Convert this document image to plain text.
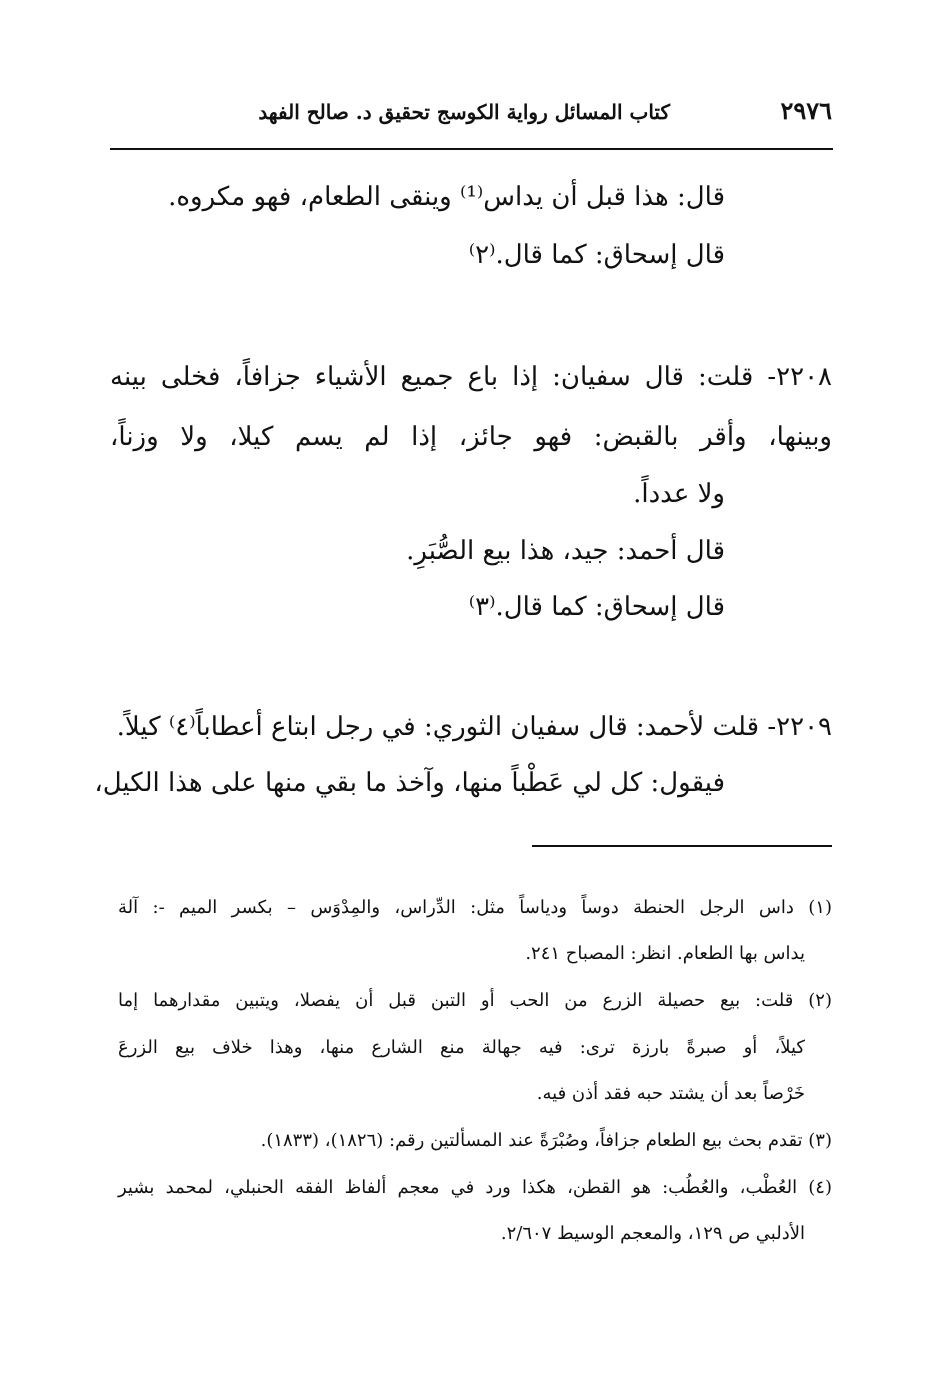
٢٩٧٦
كتاب المسائل رواية الكوسج تحقيق د. صالح الفهد
قال: هذا قبل أن يداس⁽¹⁾ وينقى الطعام، فهو مكروه.
قال إسحاق: كما قال.⁽٢⁾
٢٢٠٨- قلت: قال سفيان: إذا باع جميع الأشياء جزافاً، فخلى بينه
وبينها، وأقر بالقبض: فهو جائز، إذا لم يسم كيلا، ولا وزناً،
ولا عدداً.
قال أحمد: جيد، هذا بيع الصُّبَرِ.
قال إسحاق: كما قال.⁽٣⁾
٢٢٠٩- قلت لأحمد: قال سفيان الثوري: في رجل ابتاع أعطاباً⁽٤⁾ كيلاً.
فيقول: كل لي عَطْباً منها، وآخذ ما بقي منها على هذا الكيل،
(١) داس الرجل الحنطة دوساً ودياساً مثل: الدِّراس، والمِدْوَس – بكسر الميم -: آلة
يداس بها الطعام. انظر: المصباح ٢٤١.
(٢) قلت: بيع حصيلة الزرع من الحب أو التبن قبل أن يفصلا، ويتبين مقدارهما إما
كيلاً، أو صبرةً بارزة ترى: فيه جهالة منع الشارع منها، وهذا خلاف بيع الزرعَ
خَرْصاً بعد أن يشتد حبه فقد أذن فيه.
(٣) تقدم بحث بيع الطعام جزافاً، وصُبْرَةً عند المسألتين رقم: (١٨٢٦)، (١٨٣٣).
(٤) العُطْب، والعُطُب: هو القطن، هكذا ورد في معجم ألفاظ الفقه الحنبلي، لمحمد بشير
الأدلبي ص ١٢٩، والمعجم الوسيط ٢/٦٠٧.
